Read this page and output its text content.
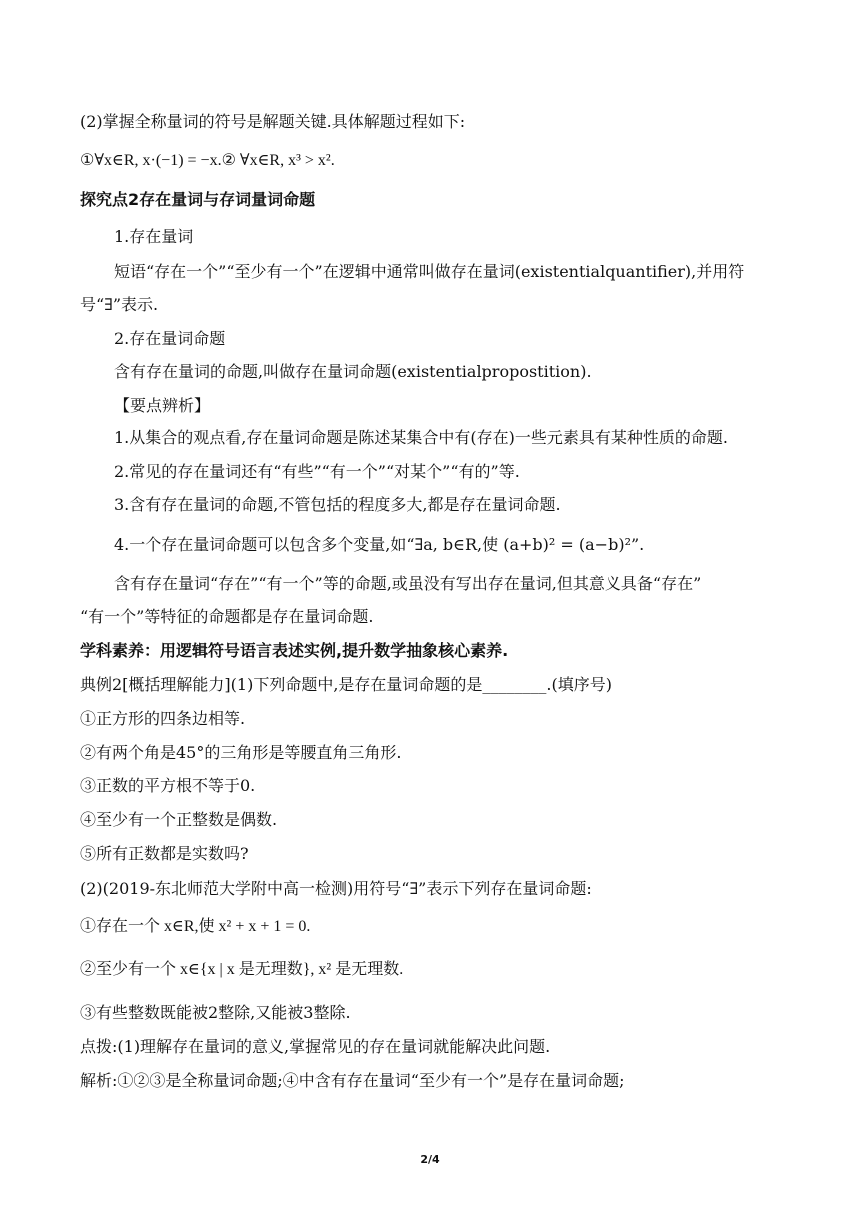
(2)掌握全称量词的符号是解题关键.具体解题过程如下:
①∀x∈R, x·(−1) = −x.② ∀x∈R, x³ > x².
探究点2存在量词与存词量词命题
1.存在量词
短语“存在一个”“至少有一个”在逻辑中通常叫做存在量词(existentialquantifier),并用符
号“∃”表示.
2.存在量词命题
含有存在量词的命题,叫做存在量词命题(existentialpropostition).
【要点辨析】
1.从集合的观点看,存在量词命题是陈述某集合中有(存在)一些元素具有某种性质的命题.
2.常见的存在量词还有“有些”“有一个”“对某个”“有的”等.
3.含有存在量词的命题,不管包括的程度多大,都是存在量词命题.
4.一个存在量词命题可以包含多个变量,如“∃a, b∈R,使 (a+b)² = (a−b)²”.
含有存在量词“存在”“有一个”等的命题,或虽没有写出存在量词,但其意义具备“存在”
“有一个”等特征的命题都是存在量词命题.
学科素养：用逻辑符号语言表述实例,提升数学抽象核心素养.
典例2[概括理解能力](1)下列命题中,是存在量词命题的是________.(填序号)
①正方形的四条边相等.
②有两个角是45°的三角形是等腰直角三角形.
③正数的平方根不等于0.
④至少有一个正整数是偶数.
⑤所有正数都是实数吗?
(2)(2019-东北师范大学附中高一检测)用符号“∃”表示下列存在量词命题:
①存在一个 x∈R,使 x² + x + 1 = 0.
②至少有一个 x∈{x | x 是无理数}, x² 是无理数.
③有些整数既能被2整除,又能被3整除.
点拨:(1)理解存在量词的意义,掌握常见的存在量词就能解决此问题.
解析:①②③是全称量词命题;④中含有存在量词“至少有一个”是存在量词命题;
2/4
